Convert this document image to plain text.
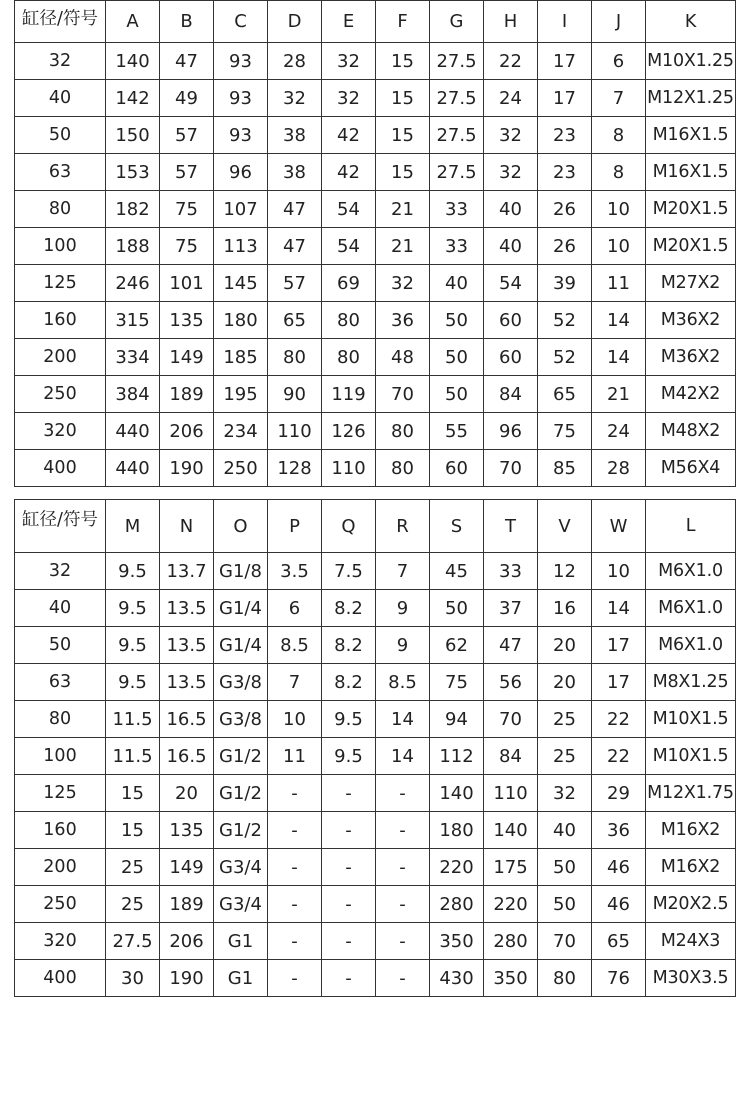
缸径/符号	A	B	C	D	E	F	G	H	I	J	K
32	140	47	93	28	32	15	27.5	22	17	6	M10X1.25
40	142	49	93	32	32	15	27.5	24	17	7	M12X1.25
50	150	57	93	38	42	15	27.5	32	23	8	M16X1.5
63	153	57	96	38	42	15	27.5	32	23	8	M16X1.5
80	182	75	107	47	54	21	33	40	26	10	M20X1.5
100	188	75	113	47	54	21	33	40	26	10	M20X1.5
125	246	101	145	57	69	32	40	54	39	11	M27X2
160	315	135	180	65	80	36	50	60	52	14	M36X2
200	334	149	185	80	80	48	50	60	52	14	M36X2
250	384	189	195	90	119	70	50	84	65	21	M42X2
320	440	206	234	110	126	80	55	96	75	24	M48X2
400	440	190	250	128	110	80	60	70	85	28	M56X4
缸径/符号	M	N	O	P	Q	R	S	T	V	W	L
32	9.5	13.7	G1/8	3.5	7.5	7	45	33	12	10	M6X1.0
40	9.5	13.5	G1/4	6	8.2	9	50	37	16	14	M6X1.0
50	9.5	13.5	G1/4	8.5	8.2	9	62	47	20	17	M6X1.0
63	9.5	13.5	G3/8	7	8.2	8.5	75	56	20	17	M8X1.25
80	11.5	16.5	G3/8	10	9.5	14	94	70	25	22	M10X1.5
100	11.5	16.5	G1/2	11	9.5	14	112	84	25	22	M10X1.5
125	15	20	G1/2	-	-	-	140	110	32	29	M12X1.75
160	15	135	G1/2	-	-	-	180	140	40	36	M16X2
200	25	149	G3/4	-	-	-	220	175	50	46	M16X2
250	25	189	G3/4	-	-	-	280	220	50	46	M20X2.5
320	27.5	206	G1	-	-	-	350	280	70	65	M24X3
400	30	190	G1	-	-	-	430	350	80	76	M30X3.5
